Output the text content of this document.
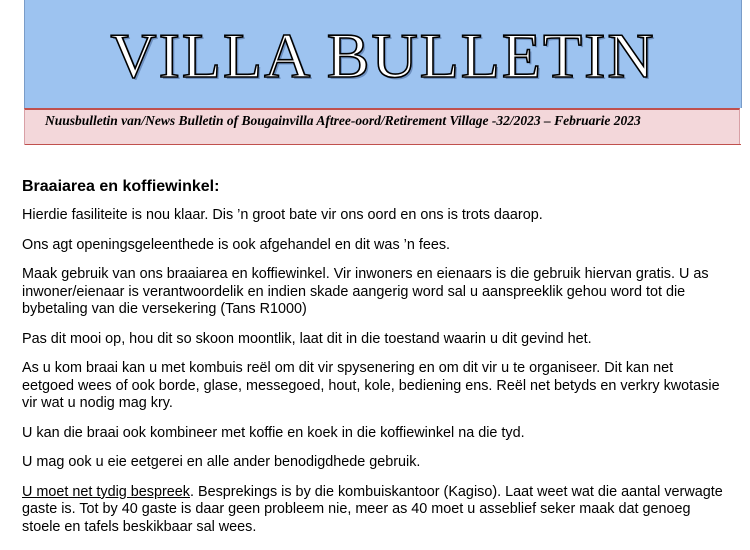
VILLA BULLETIN
Nuusbulletin van/News Bulletin of Bougainvilla Aftree-oord/Retirement Village -32/2023 – Februarie 2023
Braaiarea en koffiewinkel:

Hierdie fasiliteite is nou klaar. Dis ’n groot bate vir ons oord en ons is trots daarop.

Ons agt openingsgeleenthede is ook afgehandel en dit was ’n fees.

Maak gebruik van ons braaiarea en koffiewinkel. Vir inwoners en eienaars is die gebruik hiervan gratis. U as inwoner/eienaar is verantwoordelik en indien skade aangerig word sal u aanspreeklik gehou word tot die bybetaling van die versekering (Tans R1000)

Pas dit mooi op, hou dit so skoon moontlik, laat dit in die toestand waarin u dit gevind het.

As u kom braai kan u met kombuis reël om dit vir spysenering en om dit vir u te organiseer. Dit kan net eetgoed wees of ook borde, glase, messegoed, hout, kole, bediening ens. Reël net betyds en verkry kwotasie vir wat u nodig mag kry.

U kan die braai ook kombineer met koffie en koek in die koffiewinkel na die tyd.

U mag ook u eie eetgerei en alle ander benodigdhede gebruik.

U moet net tydig bespreek. Besprekings is by die kombuiskantoor (Kagiso). Laat weet wat die aantal verwagte gaste is. Tot by 40 gaste is daar geen probleem nie, meer as 40 moet u asseblief seker maak dat genoeg stoele en tafels beskikbaar sal wees.
